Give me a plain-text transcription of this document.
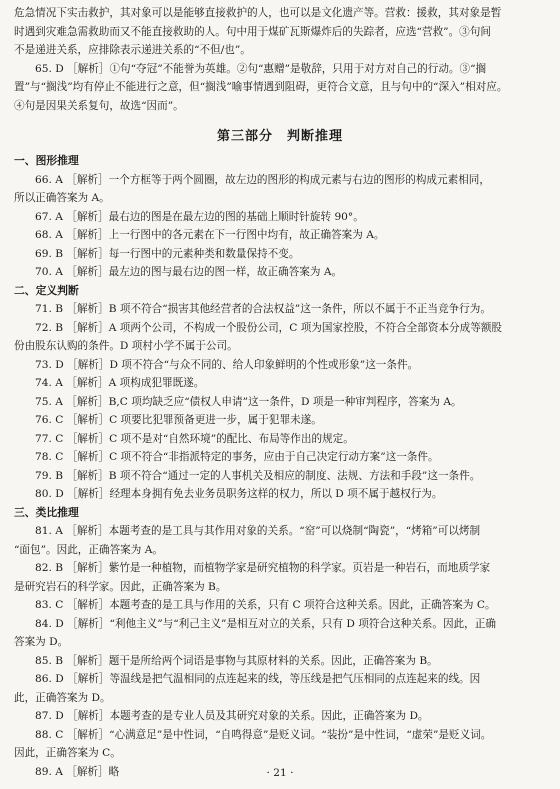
危急情况下实击救护，其对象可以是能够直接救护的人，也可以是文化遗产等。营救：援救，其对象是暂
时遇到灾难急需救助而又不能直接救助的人。句中用于煤矿瓦斯爆炸后的失踪者，应选“营救”。③句间
不是递进关系，应排除表示递进关系的“不但/也”。

65. D ［解析］①句“夺冠”不能誉为英雄。②句“惠赠”是敬辞，只用于对方对自己的行动。③“搁
置”与“搁浅”均有停止不能进行之意，但“搁浅”喻事情遇到阻碍，更符合文意，且与句中的“深入”相对应。
④句是因果关系复句，故选“因而”。

第三部分　判断推理

一、图形推理

66. A ［解析］一个方框等于两个圆圈，故左边的图形的构成元素与右边的图形的构成元素相同，
所以正确答案为 A。

67. A ［解析］最右边的图是在最左边的图的基础上顺时针旋转 90°。

68. A ［解析］上一行图中的各元素在下一行图中均有，故正确答案为 A。

69. B ［解析］每一行图中的元素种类和数量保持不变。

70. A ［解析］最左边的图与最右边的图一样，故正确答案为 A。

二、定义判断

71. B ［解析］B 项不符合“损害其他经营者的合法权益”这一条件，所以不属于不正当竞争行为。

72. B ［解析］A 项两个公司，不构成一个股份公司，C 项为国家控股，不符合全部资本分成等额股
份由股东认购的条件。D 项村小学不属于公司。

73. D ［解析］D 项不符合“与众不同的、给人印象鲜明的个性或形象”这一条件。

74. A ［解析］A 项构成犯罪既遂。

75. A ［解析］B,C 项均缺乏应“债权人申请”这一条件，D 项是一种审判程序，答案为 A。

76. C ［解析］C 项要比犯罪预备更进一步，属于犯罪未遂。

77. C ［解析］C 项不是对“自然环境”的配比、布局等作出的规定。

78. C ［解析］C 项不符合“非指派特定的事务，应由于自己决定行动方案”这一条件。

79. B ［解析］B 项不符合“通过一定的人事机关及相应的制度、法规、方法和手段”这一条件。

80. D ［解析］经理本身拥有免去业务员职务这样的权力，所以 D 项不属于越权行为。

三、类比推理

81. A ［解析］本题考查的是工具与其作用对象的关系。“窑”可以烧制“陶瓷”，“烤箱”可以烤制
“面包”。因此，正确答案为 A。

82. B ［解析］紫竹是一种植物，而植物学家是研究植物的科学家。页岩是一种岩石，而地质学家
是研究岩石的科学家。因此，正确答案为 B。

83. C ［解析］本题考查的是工具与作用的关系，只有 C 项符合这种关系。因此，正确答案为 C。

84. D ［解析］“利他主义”与“利己主义”是相互对立的关系，只有 D 项符合这种关系。因此，正确
答案为 D。

85. B ［解析］题干是所给两个词语是事物与其原材料的关系。因此，正确答案为 B。

86. D ［解析］等温线是把气温相同的点连起来的线，等压线是把气压相同的点连起来的线。因
此，正确答案为 D。

87. D ［解析］本题考查的是专业人员及其研究对象的关系。因此，正确答案为 D。

88. C ［解析］“心满意足”是中性词，“自鸣得意”是贬义词。“装扮”是中性词，“虚荣”是贬义词。
因此，正确答案为 C。

89. A ［解析］略	· 21 ·
